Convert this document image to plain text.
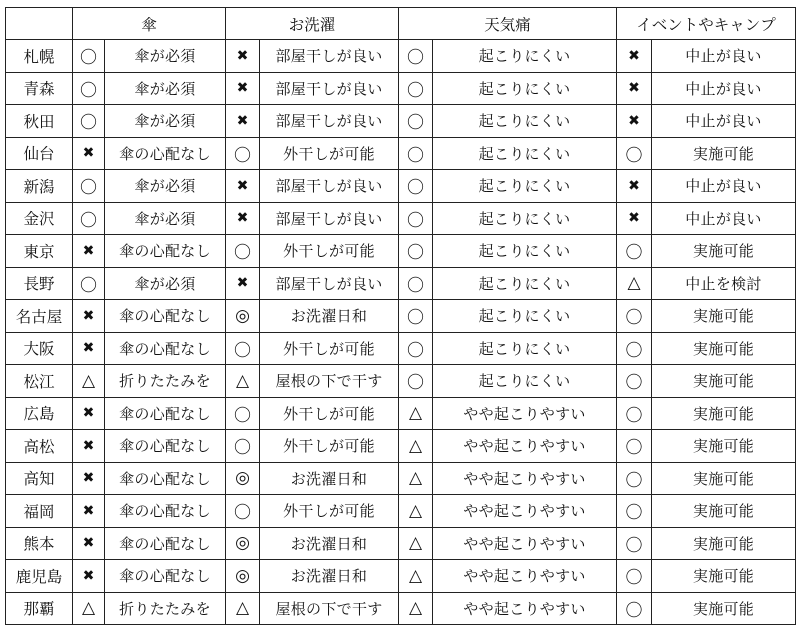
	傘		お洗濯		天気痛		イベントやキャンプ	
札幌	〇	傘が必須	✖	部屋干しが良い	〇	起こりにくい	✖	中止が良い
青森	〇	傘が必須	✖	部屋干しが良い	〇	起こりにくい	✖	中止が良い
秋田	〇	傘が必須	✖	部屋干しが良い	〇	起こりにくい	✖	中止が良い
仙台	✖	傘の心配なし	〇	外干しが可能	〇	起こりにくい	〇	実施可能
新潟	〇	傘が必須	✖	部屋干しが良い	〇	起こりにくい	✖	中止が良い
金沢	〇	傘が必須	✖	部屋干しが良い	〇	起こりにくい	✖	中止が良い
東京	✖	傘の心配なし	〇	外干しが可能	〇	起こりにくい	〇	実施可能
長野	〇	傘が必須	✖	部屋干しが良い	〇	起こりにくい	△	中止を検討
名古屋	✖	傘の心配なし	◎	お洗濯日和	〇	起こりにくい	〇	実施可能
大阪	✖	傘の心配なし	〇	外干しが可能	〇	起こりにくい	〇	実施可能
松江	△	折りたたみを	△	屋根の下で干す	〇	起こりにくい	〇	実施可能
広島	✖	傘の心配なし	〇	外干しが可能	△	やや起こりやすい	〇	実施可能
高松	✖	傘の心配なし	〇	外干しが可能	△	やや起こりやすい	〇	実施可能
高知	✖	傘の心配なし	◎	お洗濯日和	△	やや起こりやすい	〇	実施可能
福岡	✖	傘の心配なし	〇	外干しが可能	△	やや起こりやすい	〇	実施可能
熊本	✖	傘の心配なし	◎	お洗濯日和	△	やや起こりやすい	〇	実施可能
鹿児島	✖	傘の心配なし	◎	お洗濯日和	△	やや起こりやすい	〇	実施可能
那覇	△	折りたたみを	△	屋根の下で干す	△	やや起こりやすい	〇	実施可能
